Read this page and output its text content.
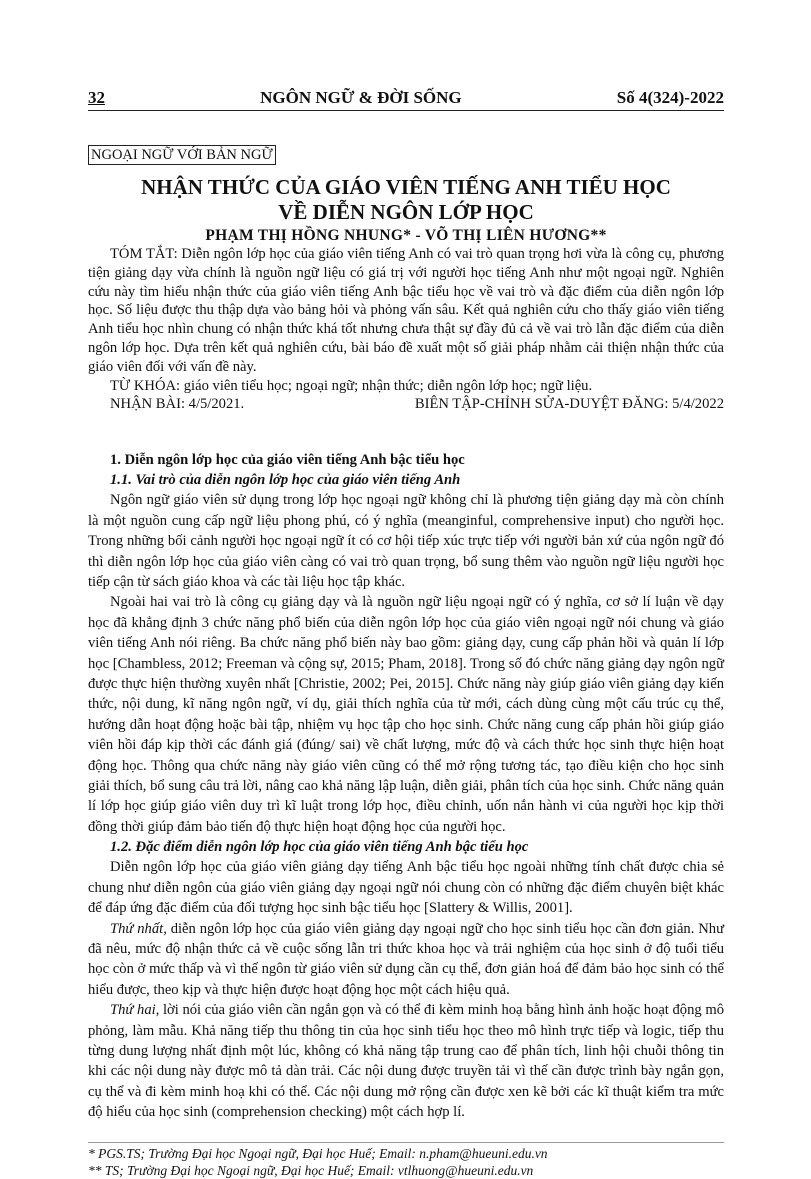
32	NGÔN NGỮ & ĐỜI SỐNG	Số 4(324)-2022
NGOẠI NGỮ VỚI BẢN NGỮ
NHẬN THỨC CỦA GIÁO VIÊN TIẾNG ANH TIỂU HỌC
VỀ DIỄN NGÔN LỚP HỌC
PHẠM THỊ HỒNG NHUNG* - VÕ THỊ LIÊN HƯƠNG**

TÓM TẮT: Diễn ngôn lớp học của giáo viên tiếng Anh có vai trò quan trọng hơi vừa là công cụ, phương tiện giảng dạy vừa chính là nguồn ngữ liệu có giá trị với người học tiếng Anh như một ngoại ngữ. Nghiên cứu này tìm hiểu nhận thức của giáo viên tiếng Anh bậc tiểu học về vai trò và đặc điểm của diễn ngôn lớp học. Số liệu được thu thập dựa vào bảng hỏi và phỏng vấn sâu. Kết quả nghiên cứu cho thấy giáo viên tiếng Anh tiểu học nhìn chung có nhận thức khá tốt nhưng chưa thật sự đầy đủ cả về vai trò lẫn đặc điểm của diễn ngôn lớp học. Dựa trên kết quả nghiên cứu, bài báo đề xuất một số giải pháp nhằm cải thiện nhận thức của giáo viên đối với vấn đề này.

TỪ KHÓA: giáo viên tiểu học; ngoại ngữ; nhận thức; diễn ngôn lớp học; ngữ liệu.

NHẬN BÀI: 4/5/2021.	BIÊN TẬP-CHỈNH SỬA-DUYỆT ĐĂNG: 5/4/2022
1. Diễn ngôn lớp học của giáo viên tiếng Anh bậc tiểu học
1.1. Vai trò của diễn ngôn lớp học của giáo viên tiếng Anh

Ngôn ngữ giáo viên sử dụng trong lớp học ngoại ngữ không chỉ là phương tiện giảng dạy mà còn chính là một nguồn cung cấp ngữ liệu phong phú, có ý nghĩa (meanginful, comprehensive input) cho người học. Trong những bối cảnh người học ngoại ngữ ít có cơ hội tiếp xúc trực tiếp với người bản xứ của ngôn ngữ đó thì diễn ngôn lớp học của giáo viên càng có vai trò quan trọng, bổ sung thêm vào nguồn ngữ liệu người học tiếp cận từ sách giáo khoa và các tài liệu học tập khác.

Ngoài hai vai trò là công cụ giảng dạy và là nguồn ngữ liệu ngoại ngữ có ý nghĩa, cơ sở lí luận về dạy học đã khẳng định 3 chức năng phổ biến của diễn ngôn lớp học của giáo viên ngoại ngữ nói chung và giáo viên tiếng Anh nói riêng. Ba chức năng phổ biến này bao gồm: giảng dạy, cung cấp phản hồi và quản lí lớp học [Chambless, 2012; Freeman và cộng sự, 2015; Pham, 2018]. Trong số đó chức năng giảng dạy ngôn ngữ được thực hiện thường xuyên nhất [Christie, 2002; Pei, 2015]. Chức năng này giúp giáo viên giảng dạy kiến thức, nội dung, kĩ năng ngôn ngữ, ví dụ, giải thích nghĩa của từ mới, cách dùng cùng một cấu trúc cụ thể, hướng dẫn hoạt động hoặc bài tập, nhiệm vụ học tập cho học sinh. Chức năng cung cấp phản hồi giúp giáo viên hồi đáp kịp thời các đánh giá (đúng/ sai) về chất lượng, mức độ và cách thức học sinh thực hiện hoạt động học. Thông qua chức năng này giáo viên cũng có thể mở rộng tương tác, tạo điều kiện cho học sinh giải thích, bổ sung câu trả lời, nâng cao khả năng lập luận, diễn giải, phân tích của học sinh. Chức năng quản lí lớp học giúp giáo viên duy trì kĩ luật trong lớp học, điều chỉnh, uốn nắn hành vi của người học kịp thời đồng thời giúp đảm bảo tiến độ thực hiện hoạt động học của người học.

1.2. Đặc điểm diễn ngôn lớp học của giáo viên tiếng Anh bậc tiểu học

Diễn ngôn lớp học của giáo viên giảng dạy tiếng Anh bậc tiểu học ngoài những tính chất được chia sẻ chung như diễn ngôn của giáo viên giảng dạy ngoại ngữ nói chung còn có những đặc điểm chuyên biệt khác để đáp ứng đặc điểm của đối tượng học sinh bậc tiểu học [Slattery & Willis, 2001].

Thứ nhất, diễn ngôn lớp học của giáo viên giảng dạy ngoại ngữ cho học sinh tiểu học cần đơn giản. Như đã nêu, mức độ nhận thức cả về cuộc sống lẫn tri thức khoa học và trải nghiệm của học sinh ở độ tuổi tiểu học còn ở mức thấp và vì thế ngôn từ giáo viên sử dụng cần cụ thể, đơn giản hoá để đảm bảo học sinh có thể hiểu được, theo kịp và thực hiện được hoạt động học một cách hiệu quả.

Thứ hai, lời nói của giáo viên cần ngắn gọn và có thể đi kèm minh hoạ bằng hình ảnh hoặc hoạt động mô phỏng, làm mẫu. Khả năng tiếp thu thông tin của học sinh tiểu học theo mô hình trực tiếp và logic, tiếp thu từng dung lượng nhất định một lúc, không có khả năng tập trung cao để phân tích, linh hội chuỗi thông tin khi các nội dung này được mô tả dàn trải. Các nội dung được truyền tải vì thế cần được trình bày ngắn gọn, cụ thể và đi kèm minh hoạ khi có thể. Các nội dung mở rộng cần được xen kẽ bởi các kĩ thuật kiểm tra mức độ hiểu của học sinh (comprehension checking) một cách hợp lí.

* PGS.TS; Trường Đại học Ngoại ngữ, Đại học Huế; Email: n.pham@hueuni.edu.vn
** TS; Trường Đại học Ngoại ngữ, Đại học Huế; Email: vtlhuong@hueuni.edu.vn
